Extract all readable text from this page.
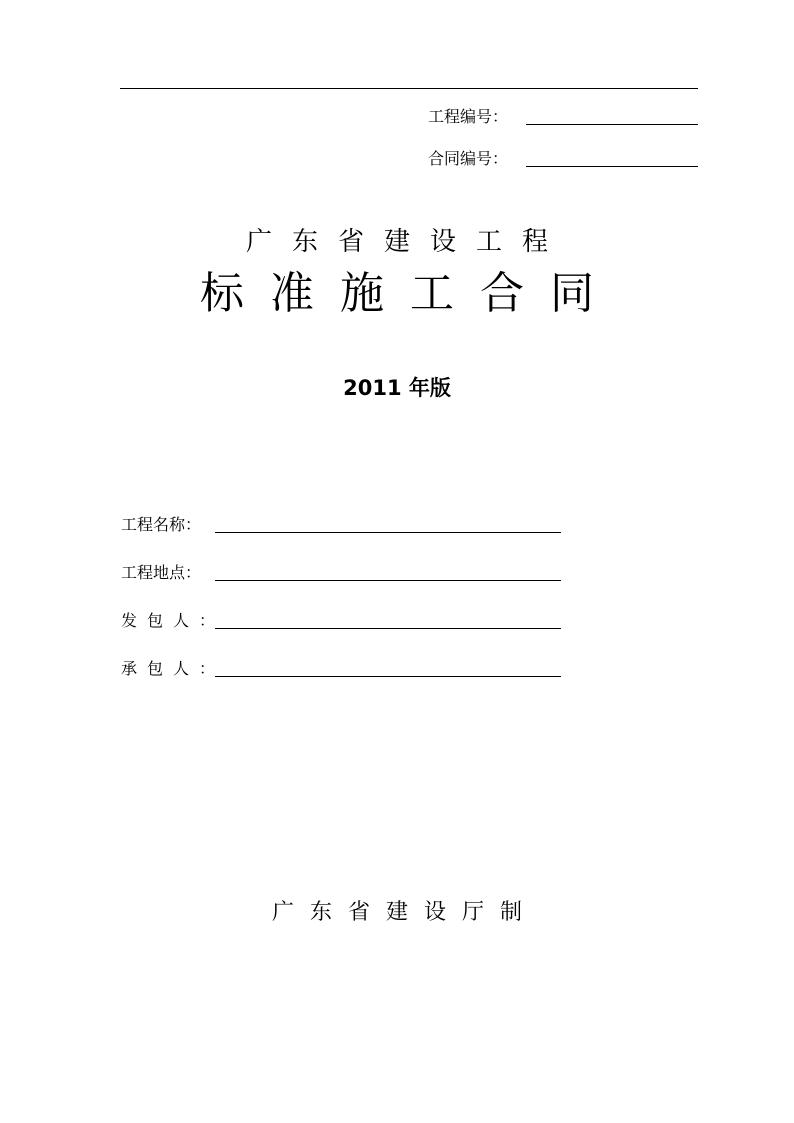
工程编号：
合同编号：
广东省建设工程
标准施工合同
2011 年版
工程名称：
工程地点：
发包人：
承包人：
广东省建设厅制
